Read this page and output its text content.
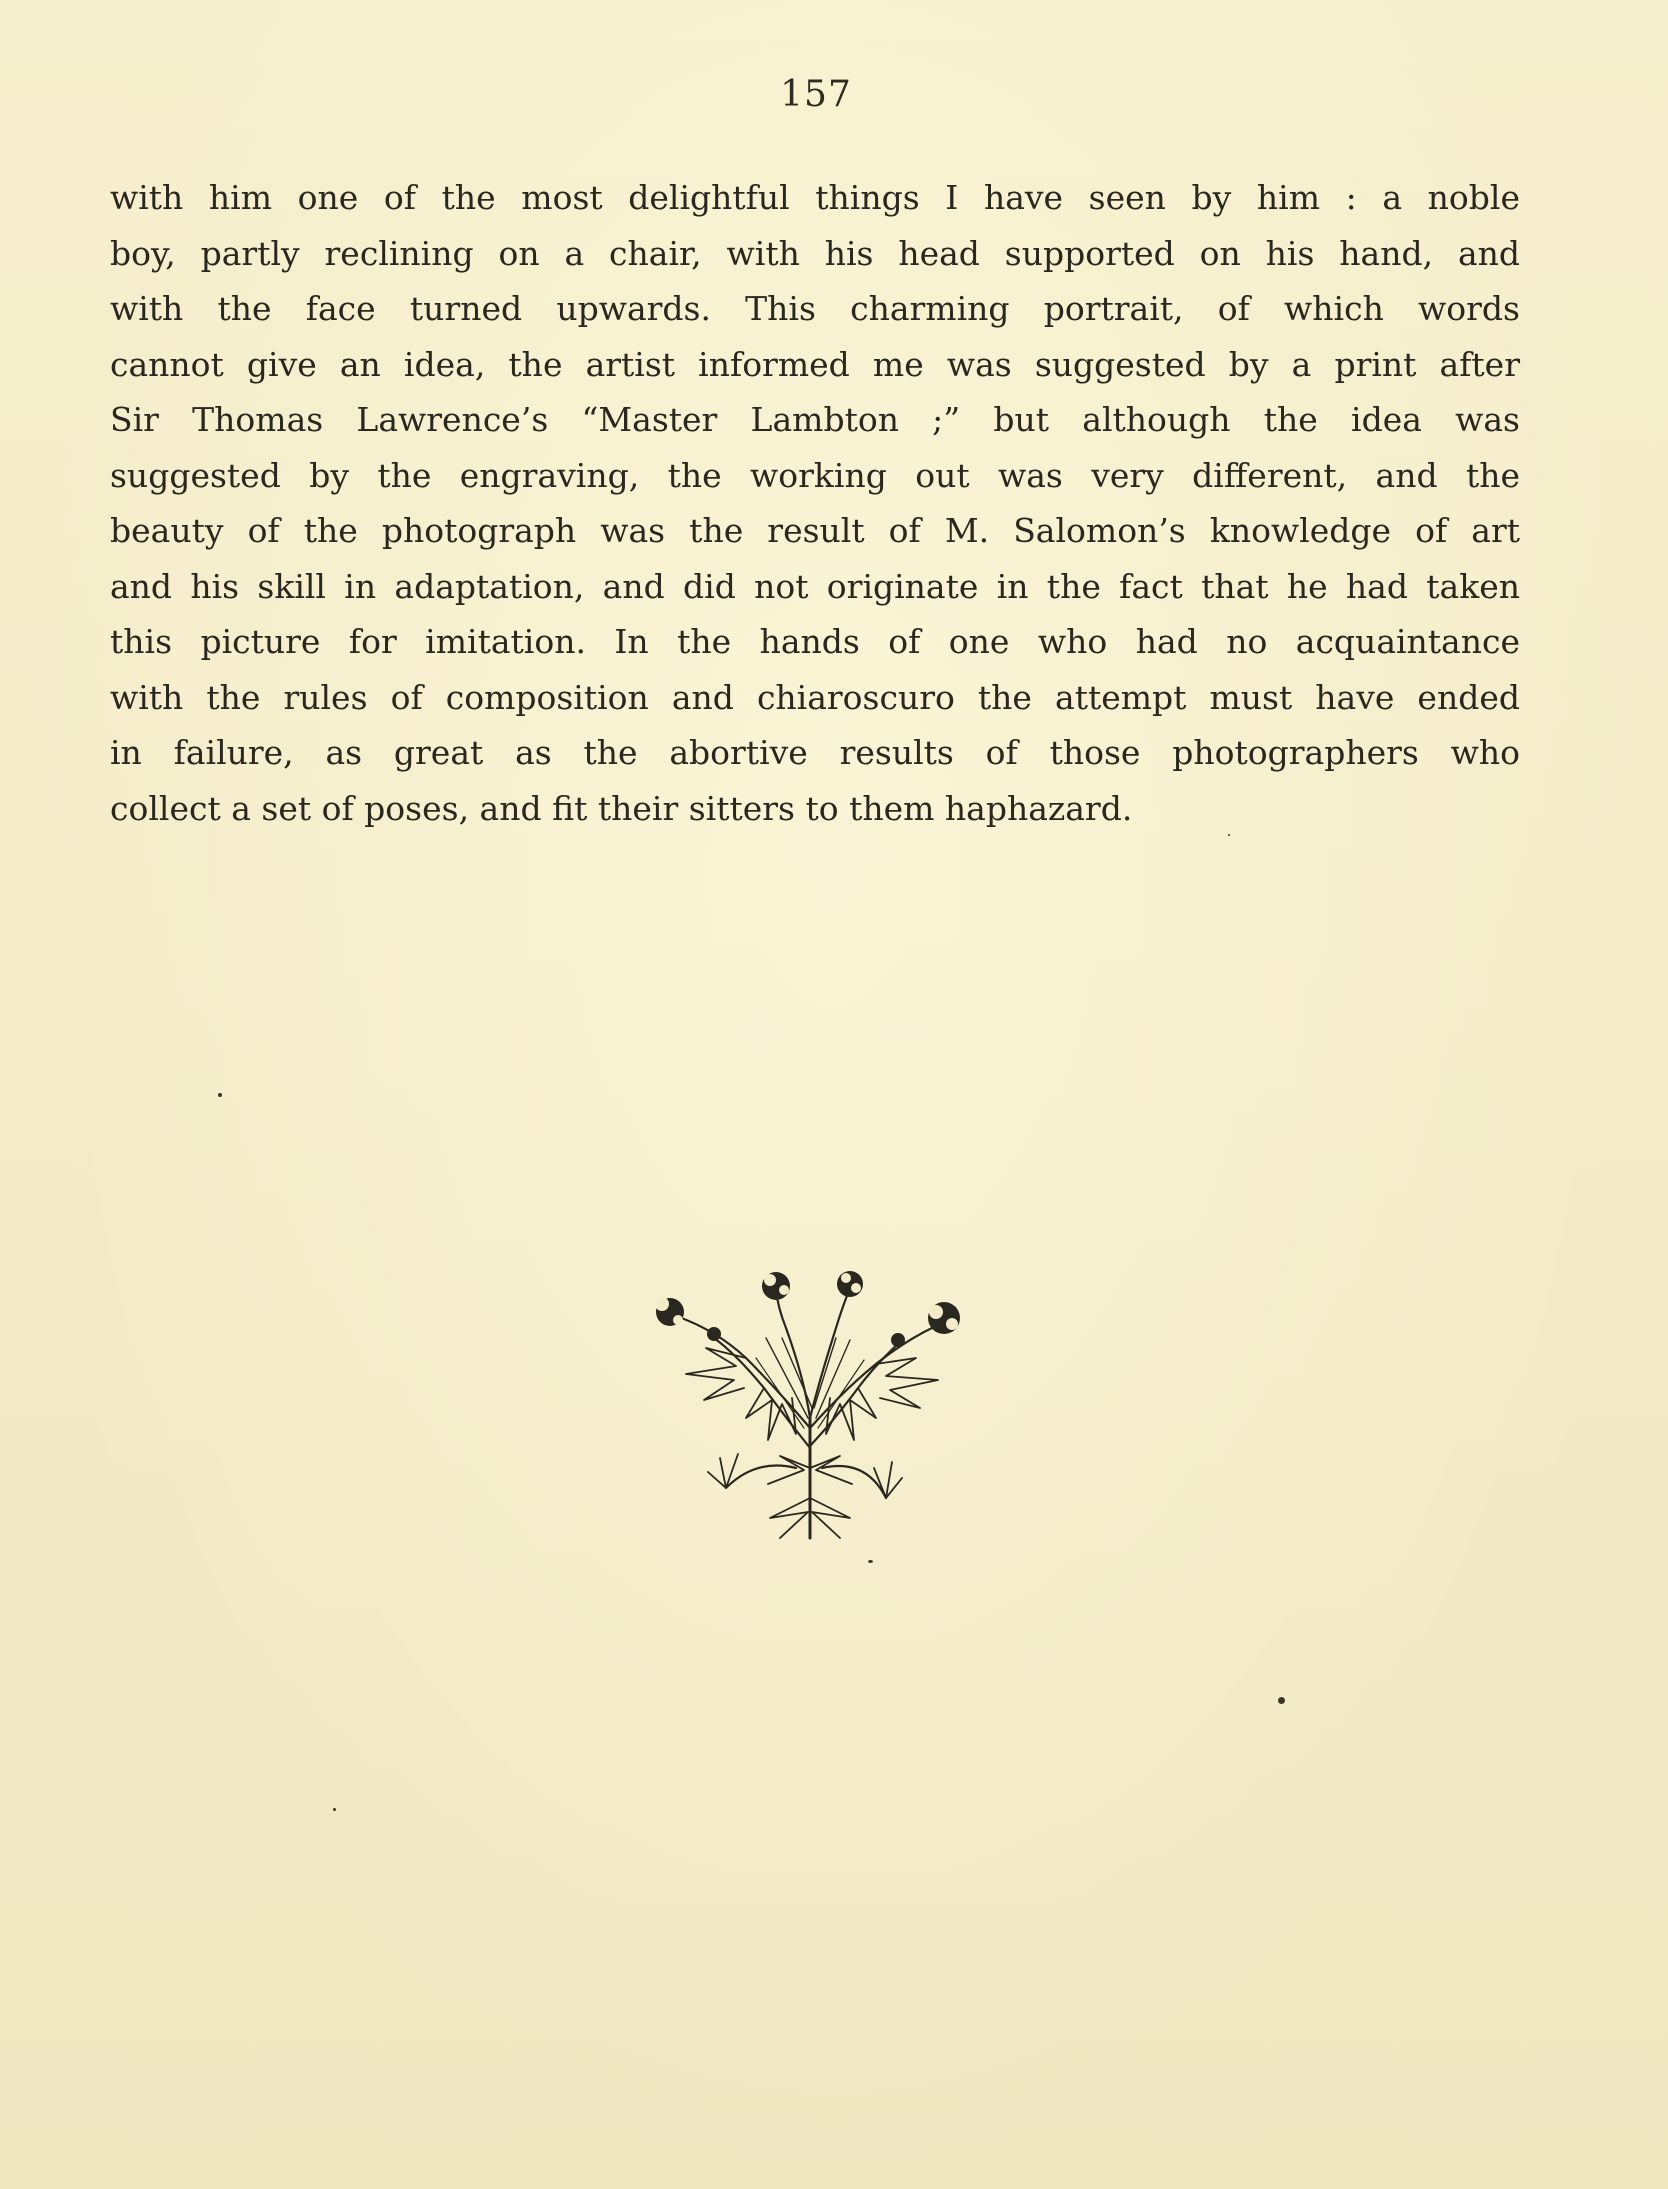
157
with him one of the most delightful things I have seen by him : a noble
boy, partly reclining on a chair, with his head supported on his hand, and
with the face turned upwards. This charming portrait, of which words
cannot give an idea, the artist informed me was suggested by a print after
Sir Thomas Lawrence’s “Master Lambton ;” but although the idea was
suggested by the engraving, the working out was very different, and the
beauty of the photograph was the result of M. Salomon’s knowledge of art
and his skill in adaptation, and did not originate in the fact that he had taken
this picture for imitation. In the hands of one who had no acquaintance
with the rules of composition and chiaroscuro the attempt must have ended
in failure, as great as the abortive results of those photographers who
collect a set of poses, and fit their sitters to them haphazard.
